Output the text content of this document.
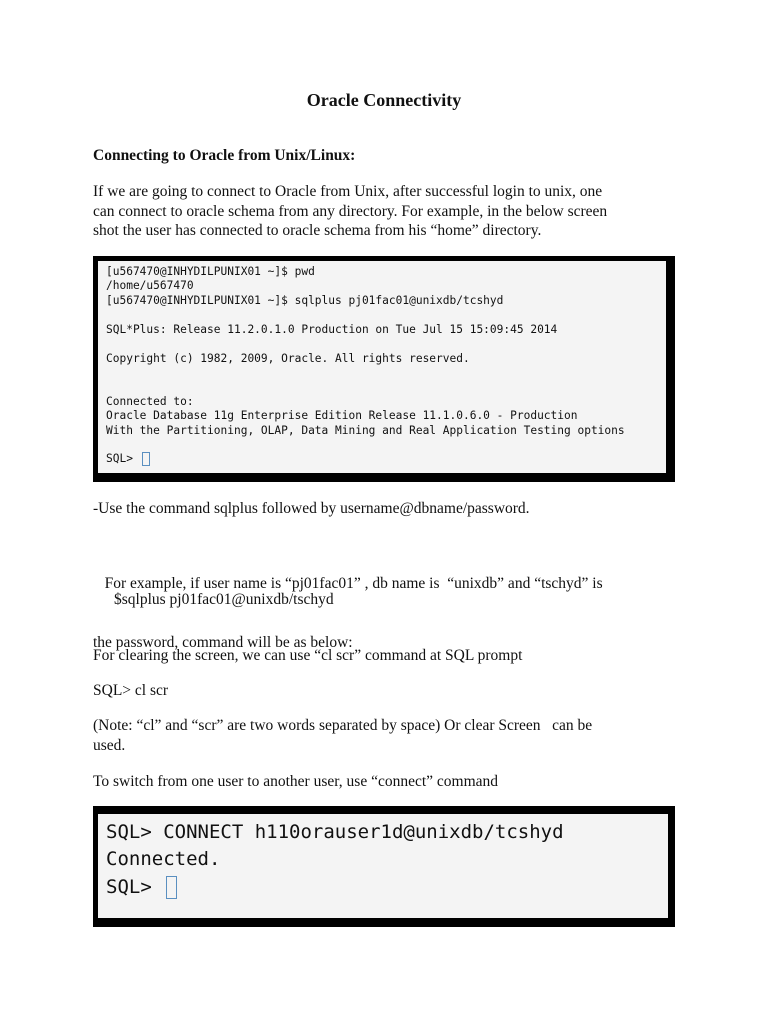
Oracle Connectivity
Connecting to Oracle from Unix/Linux:
If we are going to connect to Oracle from Unix, after successful login to unix, one
can connect to oracle schema from any directory. For example, in the below screen
shot the user has connected to oracle schema from his “home” directory.
[u567470@INHYDILPUNIX01 ~]$ pwd
/home/u567470
[u567470@INHYDILPUNIX01 ~]$ sqlplus pj01fac01@unixdb/tcshyd
SQL*Plus: Release 11.2.0.1.0 Production on Tue Jul 15 15:09:45 2014
Copyright (c) 1982, 2009, Oracle. All rights reserved.
Connected to:
Oracle Database 11g Enterprise Edition Release 11.1.0.6.0 - Production
With the Partitioning, OLAP, Data Mining and Real Application Testing options
SQL>
-Use the command sqlplus followed by username@dbname/password.

For example, if user name is “pj01fac01” , db name is  “unixdb” and “tschyd” is

the password, command will be as below:

$sqlplus pj01fac01@unixdb/tschyd
For clearing the screen, we can use “cl scr” command at SQL prompt
SQL> cl scr
(Note: “cl” and “scr” are two words separated by space) Or clear Screen   can be
used.
To switch from one user to another user, use “connect” command
SQL> CONNECT h110orauser1d@unixdb/tcshyd
Connected.
SQL>
